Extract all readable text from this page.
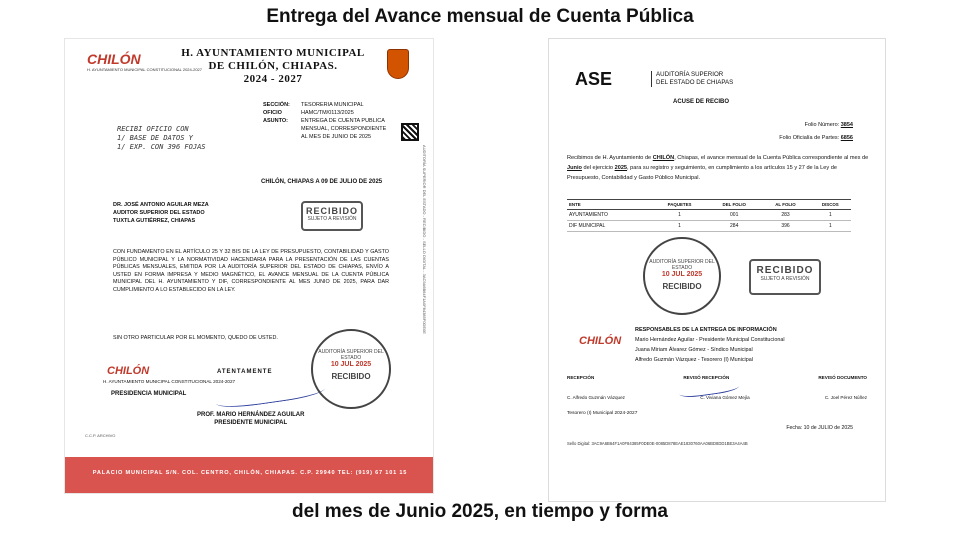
Entrega del Avance mensual de Cuenta Pública
CHILÓN
H. AYUNTAMIENTO MUNICIPAL CONSTITUCIONAL 2024-2027
H. AYUNTAMIENTO MUNICIPAL
DE CHILÓN, CHIAPAS.
2024 - 2027
SECCIÓN:	TESORERIA MUNICIPAL
OFICIO	HAMC/TM/0113/2025
ASUNTO:	ENTREGA DE CUENTA PUBLICA MENSUAL, CORRESPONDIENTE AL MES DE JUNIO DE 2025
RECIBI OFICIO CON
1/ BASE DE DATOS Y
1/ EXP. CON 396 FOJAS	AUDITORÍA SUPERIOR DEL ESTADO - RECIBIDO - SELLO DIGITAL - 3AC9A6B64F1A0F84385F0DE0E
CHILÓN, CHIAPAS A 09 DE JULIO DE 2025
DR. JOSÉ ANTONIO AGUILAR MEZA
AUDITOR SUPERIOR DEL ESTADO
TUXTLA GUTIÉRREZ, CHIAPAS
RECIBIDO
SUJETO A REVISIÓN
CON FUNDAMENTO EN EL ARTÍCULO 25 Y 32 BIS DE LA LEY DE PRESUPUESTO, CONTABILIDAD Y GASTO PÚBLICO MUNICIPAL Y LA NORMATIVIDAD HACENDARIA PARA LA PRESENTACIÓN DE LAS CUENTAS PÚBLICAS MENSUALES, EMITIDA POR LA AUDITORÍA SUPERIOR DEL ESTADO DE CHIAPAS, ENVÍO A USTED EN FORMA IMPRESA Y MEDIO MAGNÉTICO, EL AVANCE MENSUAL DE LA CUENTA PÚBLICA MUNICIPAL DEL H. AYUNTAMIENTO Y DIF, CORRESPONDIENTE AL MES JUNIO DE 2025, PARA DAR CUMPLIMIENTO A LO ESTABLECIDO EN LA LEY.
SIN OTRO PARTICULAR POR EL MOMENTO, QUEDO DE USTED.
CHILÓN	ATENTAMENTE
H. AYUNTAMIENTO MUNICIPAL CONSTITUCIONAL 2024-2027
PRESIDENCIA MUNICIPAL
PROF. MARIO HERNÁNDEZ AGUILAR
PRESIDENTE MUNICIPAL
C.C.P. ARCHIVO
AUDITORÍA SUPERIOR DEL ESTADO
10 JUL 2025
RECIBIDO
PALACIO MUNICIPAL S/N. COL. CENTRO, CHILÓN, CHIAPAS. C.P. 29940 TEL: (919) 67 101 15
ASE	AUDITORÍA SUPERIOR
DEL ESTADO DE CHIAPAS
ACUSE DE RECIBO
Folio Número: 3854
Folio Oficialía de Partes: 6856
Recibimos de H. Ayuntamiento de CHILÓN, Chiapas, el avance mensual de la Cuenta Pública correspondiente al mes de Junio del ejercicio 2025, para su registro y seguimiento, en cumplimiento a los artículos 15 y 27 de la Ley de Presupuesto, Contabilidad y Gasto Público Municipal.
ENTE	PAQUETES	DEL FOLIO	AL FOLIO	DISCOS
AYUNTAMIENTO	1	001	283	1
DIF MUNICIPAL	1	284	396	1
AUDITORÍA SUPERIOR DEL ESTADO
10 JUL 2025
RECIBIDO
RECIBIDO
SUJETO A REVISIÓN
RESPONSABLES DE LA ENTREGA DE INFORMACIÓN
CHILÓN	Mario Hernández Aguilar - Presidente Municipal Constitucional
Juana Miriam Álvarez Gómez - Síndico Municipal
Alfredo Guzmán Vázquez - Tesorero (I) Municipal
RECEPCIÓN	REVISÓ RECEPCIÓN	REVISÓ DOCUMENTO
C. Alfredo Guzmán Vázquez	C. Viviana Gómez Mejía	C. Joel Pérez Núñez
Tesorero (I) Municipal 2024-2027
Fecha: 10 de JULIO de 2025
Sello Digital: 3AC9A6B64F1A0F84385F0DE0E-0085D878EAE1830760AA06BD8DD1BE3A4A4B
del mes de Junio 2025, en tiempo y forma
